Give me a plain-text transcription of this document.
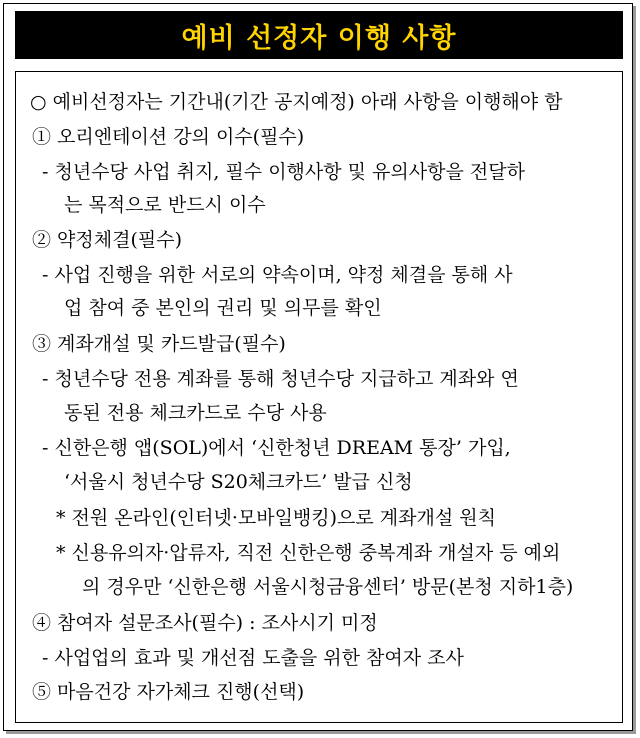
예비 선정자 이행 사항
○ 예비선정자는 기간내(기간 공지예정) 아래 사항을 이행해야 함
① 오리엔테이션 강의 이수(필수)
- 청년수당 사업 취지, 필수 이행사항 및 유의사항을 전달하
는 목적으로 반드시 이수
② 약정체결(필수)
- 사업 진행을 위한 서로의 약속이며, 약정 체결을 통해 사
업 참여 중 본인의 권리 및 의무를 확인
③ 계좌개설 및 카드발급(필수)
- 청년수당 전용 계좌를 통해 청년수당 지급하고 계좌와 연
동된 전용 체크카드로 수당 사용
- 신한은행 앱(SOL)에서 ‘신한청년 DREAM 통장’ 가입,
‘서울시 청년수당 S20체크카드’ 발급 신청
* 전원 온라인(인터넷·모바일뱅킹)으로 계좌개설 원칙
* 신용유의자·압류자, 직전 신한은행 중복계좌 개설자 등 예외
의 경우만 ‘신한은행 서울시청금융센터’ 방문(본청 지하1층)
④ 참여자 설문조사(필수) : 조사시기 미정
- 사업업의 효과 및 개선점 도출을 위한 참여자 조사
⑤ 마음건강 자가체크 진행(선택)
